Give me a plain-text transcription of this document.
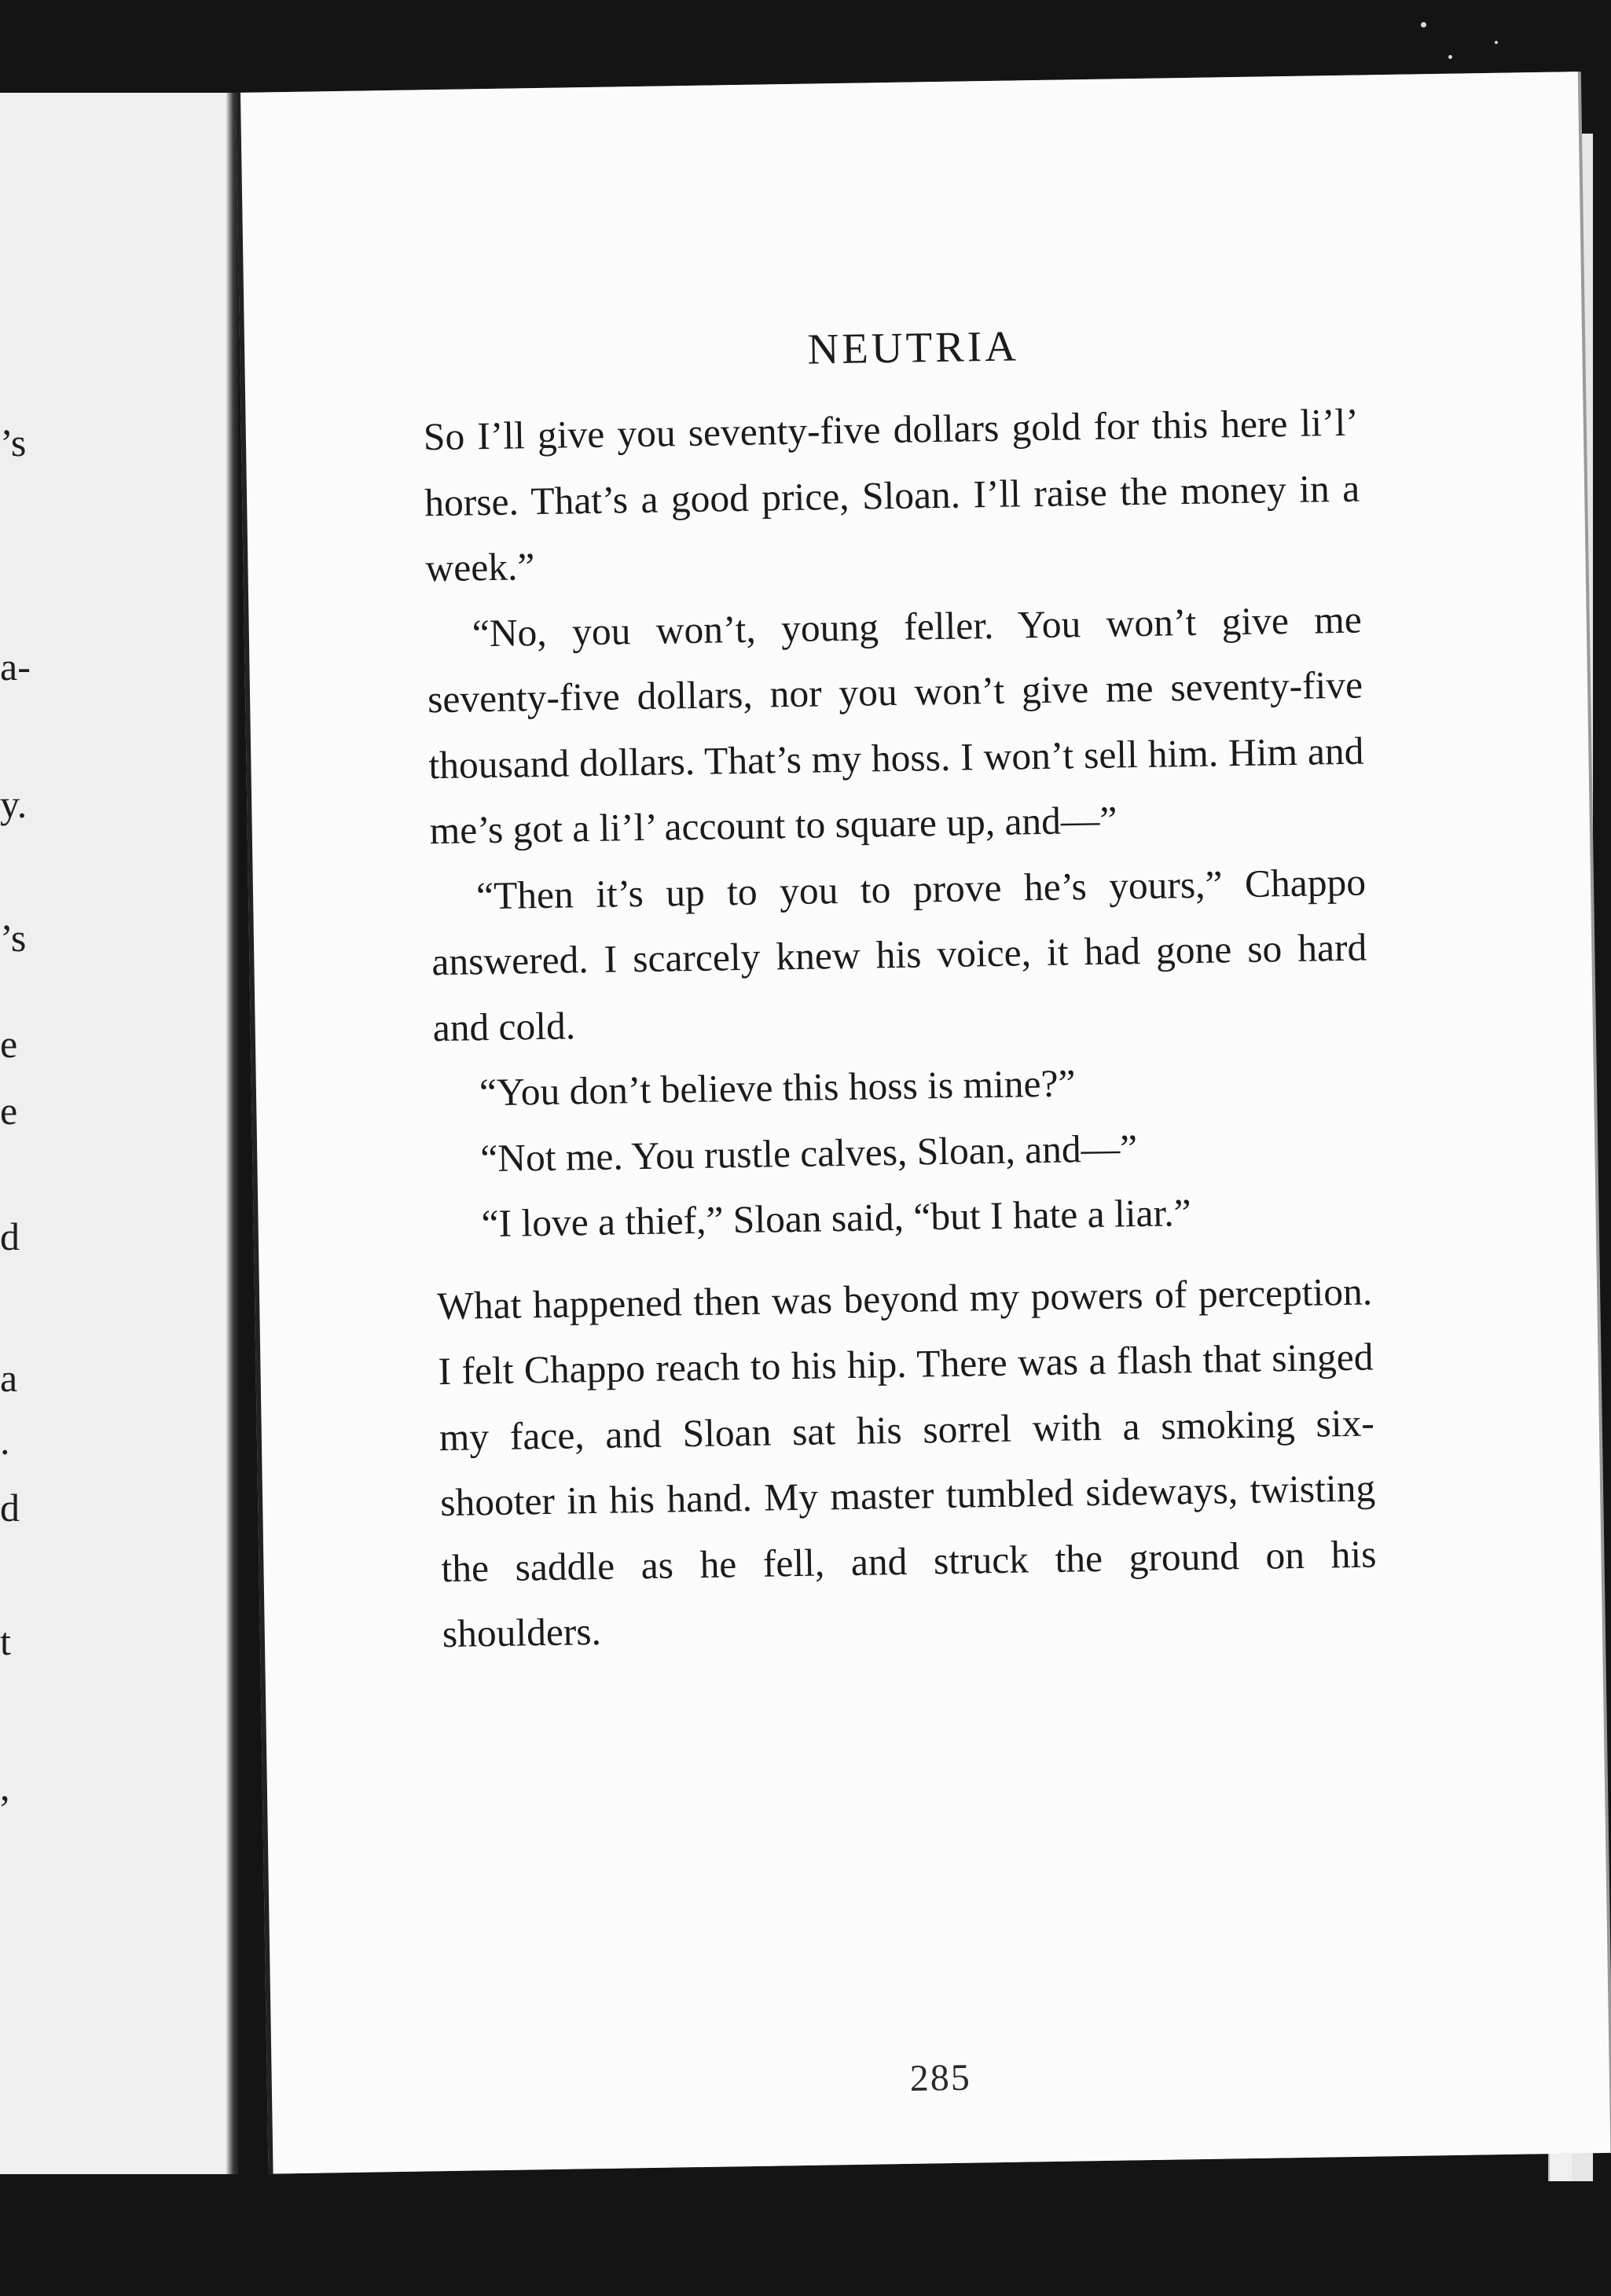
’s
a-
y.
’s
e
e
d
a
.
d
t
,
NEUTRIA

So I’ll give you seventy-five dollars gold for this here li’l’ horse. That’s a good price, Sloan. I’ll raise the money in a week.”

“No, you won’t, young feller. You won’t give me seventy-five dollars, nor you won’t give me seventy-five thousand dollars. That’s my hoss. I won’t sell him. Him and me’s got a li’l’ account to square up, and—”

“Then it’s up to you to prove he’s yours,” Chappo answered. I scarcely knew his voice, it had gone so hard and cold.

“You don’t believe this hoss is mine?”

“Not me. You rustle calves, Sloan, and—”

“I love a thief,” Sloan said, “but I hate a liar.”

What happened then was beyond my powers of perception. I felt Chappo reach to his hip. There was a flash that singed my face, and Sloan sat his sorrel with a smoking six-shooter in his hand. My master tumbled sideways, twisting the saddle as he fell, and struck the ground on his shoulders.

285
